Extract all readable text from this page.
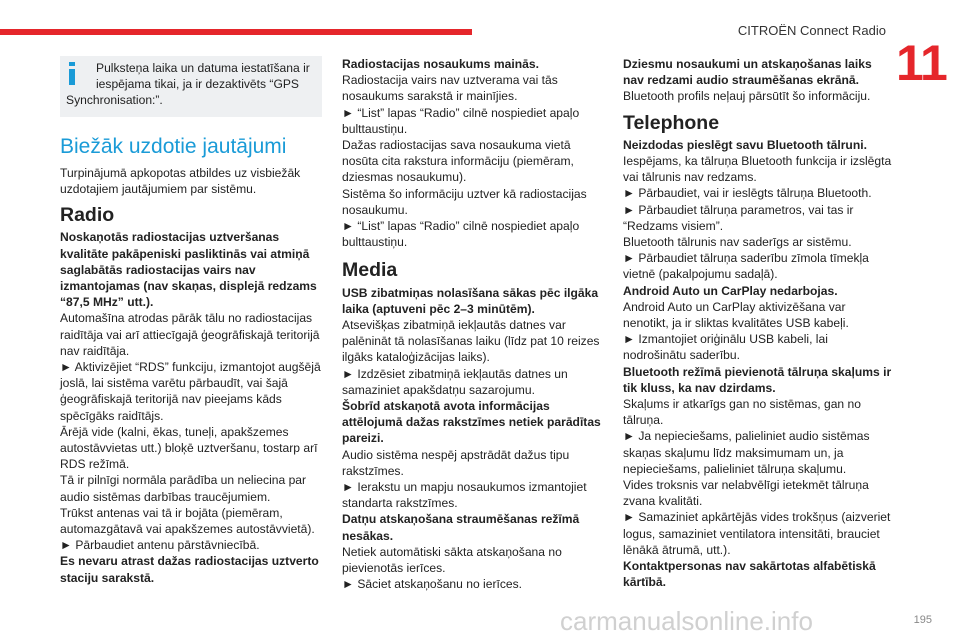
CITROËN Connect Radio
11
Pulksteņa laika un datuma iestatīšana ir
iespējama tikai, ja ir dezaktivēts “GPS
Synchronisation:”.
Biežāk uzdotie jautājumi

Turpinājumā apkopotas atbildes uz visbiežāk uzdotajiem jautājumiem par sistēmu.

Radio

Noskaņotās radiostacijas uztveršanas kvalitāte pakāpeniski pasliktinās vai atmiņā saglabātās radiostacijas vairs nav izmantojamas (nav skaņas, displejā redzams “87,5 MHz” utt.).

Automašīna atrodas pārāk tālu no radiostacijas raidītāja vai arī attiecīgajā ģeogrāfiskajā teritorijā nav raidītāja.

► Aktivizējiet “RDS” funkciju, izmantojot augšējā joslā, lai sistēma varētu pārbaudīt, vai šajā ģeogrāfiskajā teritorijā nav pieejams kāds spēcīgāks raidītājs.

Ārējā vide (kalni, ēkas, tuneļi, apakšzemes autostāvvietas utt.) bloķē uztveršanu, tostarp arī RDS režīmā.

Tā ir pilnīgi normāla parādība un neliecina par audio sistēmas darbības traucējumiem.

Trūkst antenas vai tā ir bojāta (piemēram, automazgātavā vai apakšzemes autostāvvietā).

► Pārbaudiet antenu pārstāvniecībā.

Es nevaru atrast dažas radiostacijas uztverto staciju sarakstā.

Radiostacijas nosaukums mainās.

Radiostacija vairs nav uztverama vai tās nosaukums sarakstā ir mainījies.

► “List” lapas “Radio” cilnē nospiediet apaļo bulttaustiņu.

Dažas radiostacijas sava nosaukuma vietā nosūta cita rakstura informāciju (piemēram, dziesmas nosaukumu).

Sistēma šo informāciju uztver kā radiostacijas nosaukumu.

► “List” lapas “Radio” cilnē nospiediet apaļo bulttaustiņu.

Media

USB zibatmiņas nolasīšana sākas pēc ilgāka laika (aptuveni pēc 2–3 minūtēm).

Atsevišķas zibatmiņā iekļautās datnes var palēnināt tā nolasīšanas laiku (līdz pat 10 reizes ilgāks kataloģizācijas laiks).

► Izdzēsiet zibatmiņā iekļautās datnes un samaziniet apakšdatņu sazarojumu.

Šobrīd atskaņotā avota informācijas attēlojumā dažas rakstzīmes netiek parādītas pareizi.

Audio sistēma nespēj apstrādāt dažus tipu rakstzīmes.

► Ierakstu un mapju nosaukumos izmantojiet standarta rakstzīmes.

Datņu atskaņošana straumēšanas režīmā nesākas.

Netiek automātiski sākta atskaņošana no pievienotās ierīces.

► Sāciet atskaņošanu no ierīces.

Dziesmu nosaukumi un atskaņošanas laiks nav redzami audio straumēšanas ekrānā.

Bluetooth profils neļauj pārsūtīt šo informāciju.

Telephone

Neizdodas pieslēgt savu Bluetooth tālruni.

Iespējams, ka tālruņa Bluetooth funkcija ir izslēgta vai tālrunis nav redzams.

► Pārbaudiet, vai ir ieslēgts tālruņa Bluetooth.

► Pārbaudiet tālruņa parametros, vai tas ir “Redzams visiem”.

Bluetooth tālrunis nav saderīgs ar sistēmu.

► Pārbaudiet tālruņa saderību zīmola tīmekļa vietnē (pakalpojumu sadaļā).

Android Auto un CarPlay nedarbojas.

Android Auto un CarPlay aktivizēšana var nenotikt, ja ir sliktas kvalitātes USB kabeļi.

► Izmantojiet oriģinālu USB kabeli, lai nodrošinātu saderību.

Bluetooth režīmā pievienotā tālruņa skaļums ir tik kluss, ka nav dzirdams.

Skaļums ir atkarīgs gan no sistēmas, gan no tālruņa.

► Ja nepieciešams, palieliniet audio sistēmas skaņas skaļumu līdz maksimumam un, ja nepieciešams, palieliniet tālruņa skaļumu.

Vides troksnis var nelabvēlīgi ietekmēt tālruņa zvana kvalitāti.

► Samaziniet apkārtējās vides trokšņus (aizveriet logus, samaziniet ventilatora intensitāti, brauciet lēnākā ātrumā, utt.).

Kontaktpersonas nav sakārtotas alfabētiskā kārtībā.

carmanualsonline.info	195
